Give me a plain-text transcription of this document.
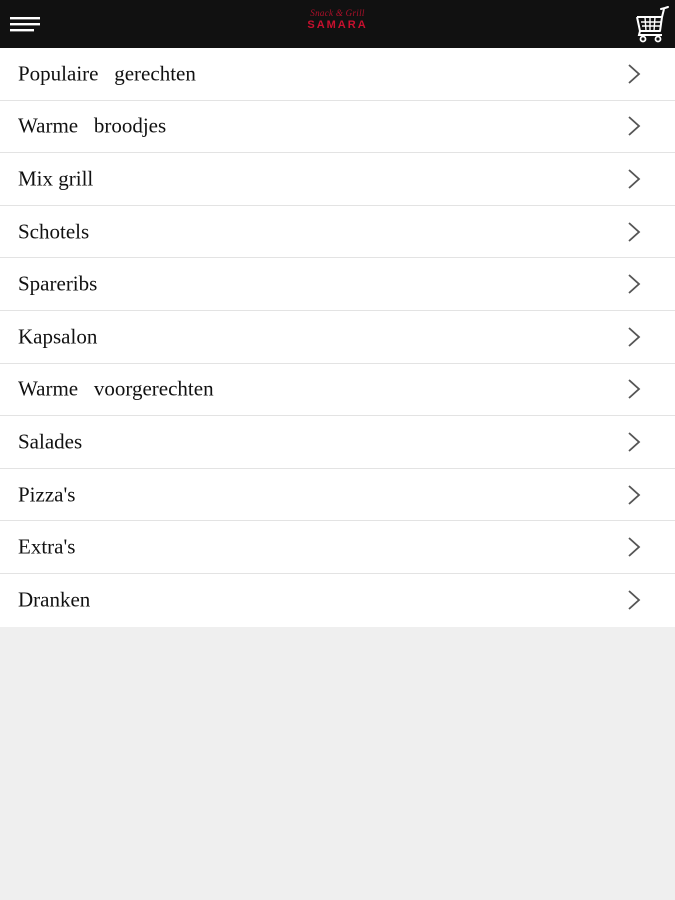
Snack & Grill
SAMARA
Populaire   gerechten
Warme   broodjes
Mix grill
Schotels
Spareribs
Kapsalon
Warme   voorgerechten
Salades
Pizza's
Extra's
Dranken
